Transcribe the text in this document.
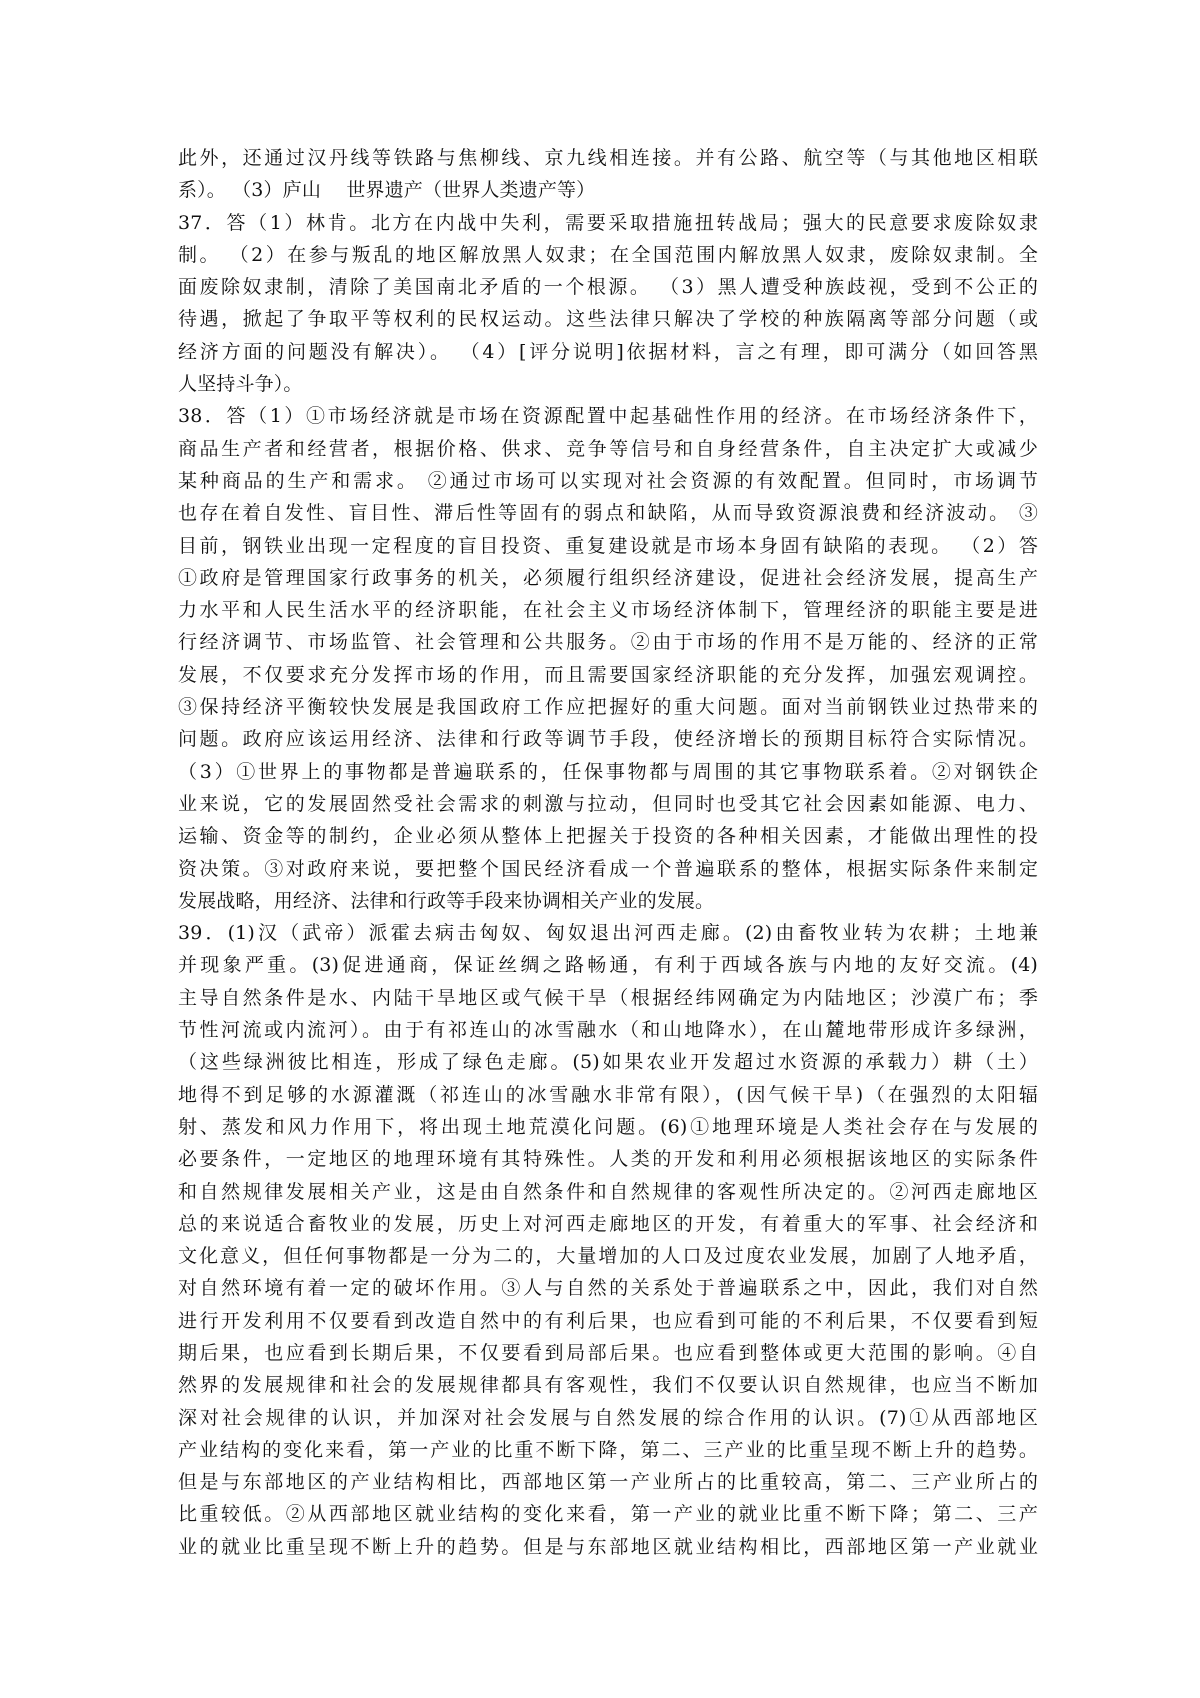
此外，还通过汉丹线等铁路与焦柳线、京九线相连接。并有公路、航空等（与其他地区相联
系）。 （3）庐山　 世界遗产（世界人类遗产等）
37．答（1）林肯。北方在内战中失利，需要采取措施扭转战局；强大的民意要求废除奴隶
制。 （2）在参与叛乱的地区解放黑人奴隶；在全国范围内解放黑人奴隶，废除奴隶制。全
面废除奴隶制，清除了美国南北矛盾的一个根源。 （3）黑人遭受种族歧视，受到不公正的
待遇，掀起了争取平等权利的民权运动。这些法律只解决了学校的种族隔离等部分问题（或
经济方面的问题没有解决）。 （4）[评分说明]依据材料，言之有理，即可满分（如回答黑
人坚持斗争）。
38．答（1）①市场经济就是市场在资源配置中起基础性作用的经济。在市场经济条件下，
商品生产者和经营者，根据价格、供求、竞争等信号和自身经营条件，自主决定扩大或减少
某种商品的生产和需求。 ②通过市场可以实现对社会资源的有效配置。但同时，市场调节
也存在着自发性、盲目性、滞后性等固有的弱点和缺陷，从而导致资源浪费和经济波动。 ③
目前，钢铁业出现一定程度的盲目投资、重复建设就是市场本身固有缺陷的表现。 （2）答
①政府是管理国家行政事务的机关，必须履行组织经济建设，促进社会经济发展，提高生产
力水平和人民生活水平的经济职能，在社会主义市场经济体制下，管理经济的职能主要是进
行经济调节、市场监管、社会管理和公共服务。②由于市场的作用不是万能的、经济的正常
发展，不仅要求充分发挥市场的作用，而且需要国家经济职能的充分发挥，加强宏观调控。
③保持经济平衡较快发展是我国政府工作应把握好的重大问题。面对当前钢铁业过热带来的
问题。政府应该运用经济、法律和行政等调节手段，使经济增长的预期目标符合实际情况。
（3）①世界上的事物都是普遍联系的，任保事物都与周围的其它事物联系着。②对钢铁企
业来说，它的发展固然受社会需求的刺激与拉动，但同时也受其它社会因素如能源、电力、
运输、资金等的制约，企业必须从整体上把握关于投资的各种相关因素，才能做出理性的投
资决策。③对政府来说，要把整个国民经济看成一个普遍联系的整体，根据实际条件来制定
发展战略，用经济、法律和行政等手段来协调相关产业的发展。
39．(1)汉（武帝）派霍去病击匈奴、匈奴退出河西走廊。(2)由畜牧业转为农耕；土地兼
并现象严重。(3)促进通商，保证丝绸之路畅通，有利于西域各族与内地的友好交流。(4)
主导自然条件是水、内陆干旱地区或气候干旱（根据经纬网确定为内陆地区；沙漠广布；季
节性河流或内流河）。由于有祁连山的冰雪融水（和山地降水），在山麓地带形成许多绿洲，
（这些绿洲彼比相连，形成了绿色走廊。(5)如果农业开发超过水资源的承载力）耕（土）
地得不到足够的水源灌溉（祁连山的冰雪融水非常有限），(因气候干旱)（在强烈的太阳辐
射、蒸发和风力作用下，将出现土地荒漠化问题。(6)①地理环境是人类社会存在与发展的
必要条件，一定地区的地理环境有其特殊性。人类的开发和利用必须根据该地区的实际条件
和自然规律发展相关产业，这是由自然条件和自然规律的客观性所决定的。②河西走廊地区
总的来说适合畜牧业的发展，历史上对河西走廊地区的开发，有着重大的军事、社会经济和
文化意义，但任何事物都是一分为二的，大量增加的人口及过度农业发展，加剧了人地矛盾，
对自然环境有着一定的破坏作用。③人与自然的关系处于普遍联系之中，因此，我们对自然
进行开发利用不仅要看到改造自然中的有利后果，也应看到可能的不利后果，不仅要看到短
期后果，也应看到长期后果，不仅要看到局部后果。也应看到整体或更大范围的影响。④自
然界的发展规律和社会的发展规律都具有客观性，我们不仅要认识自然规律，也应当不断加
深对社会规律的认识，并加深对社会发展与自然发展的综合作用的认识。(7)①从西部地区
产业结构的变化来看，第一产业的比重不断下降，第二、三产业的比重呈现不断上升的趋势。
但是与东部地区的产业结构相比，西部地区第一产业所占的比重较高，第二、三产业所占的
比重较低。②从西部地区就业结构的变化来看，第一产业的就业比重不断下降；第二、三产
业的就业比重呈现不断上升的趋势。但是与东部地区就业结构相比，西部地区第一产业就业
